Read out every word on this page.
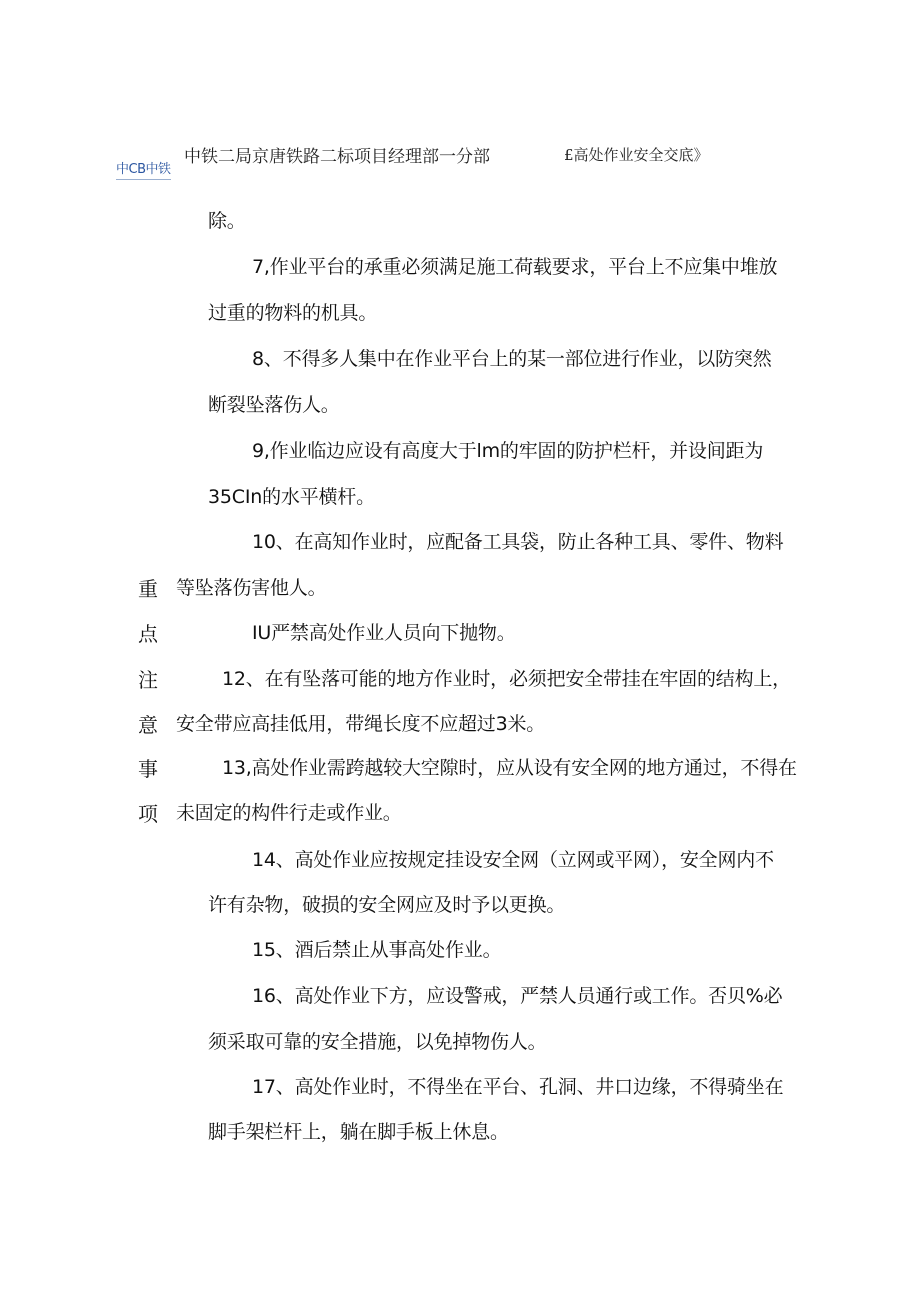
中CB中铁
中铁二局京唐铁路二标项目经理部一分部	£高处作业安全交底》
重
点
注
意
事
项
除。
7,作业平台的承重必须满足施工荷载要求，平台上不应集中堆放
过重的物料的机具。
8、不得多人集中在作业平台上的某一部位进行作业，以防突然
断裂坠落伤人。
9,作业临边应设有高度大于lm的牢固的防护栏杆，并设间距为
35CIn的水平横杆。
10、在高知作业时，应配备工具袋，防止各种工具、零件、物料
等坠落伤害他人。
IU严禁高处作业人员向下抛物。
12、在有坠落可能的地方作业时，必须把安全带挂在牢固的结构上，
安全带应高挂低用，带绳长度不应超过3米。
13,高处作业需跨越较大空隙时，应从设有安全网的地方通过，不得在
未固定的构件行走或作业。
14、高处作业应按规定挂设安全网（立网或平网），安全网内不
许有杂物，破损的安全网应及时予以更换。
15、酒后禁止从事高处作业。
16、高处作业下方，应设警戒，严禁人员通行或工作。否贝%必
须采取可靠的安全措施，以免掉物伤人。
17、高处作业时，不得坐在平台、孔洞、井口边缘，不得骑坐在
脚手架栏杆上，躺在脚手板上休息。
